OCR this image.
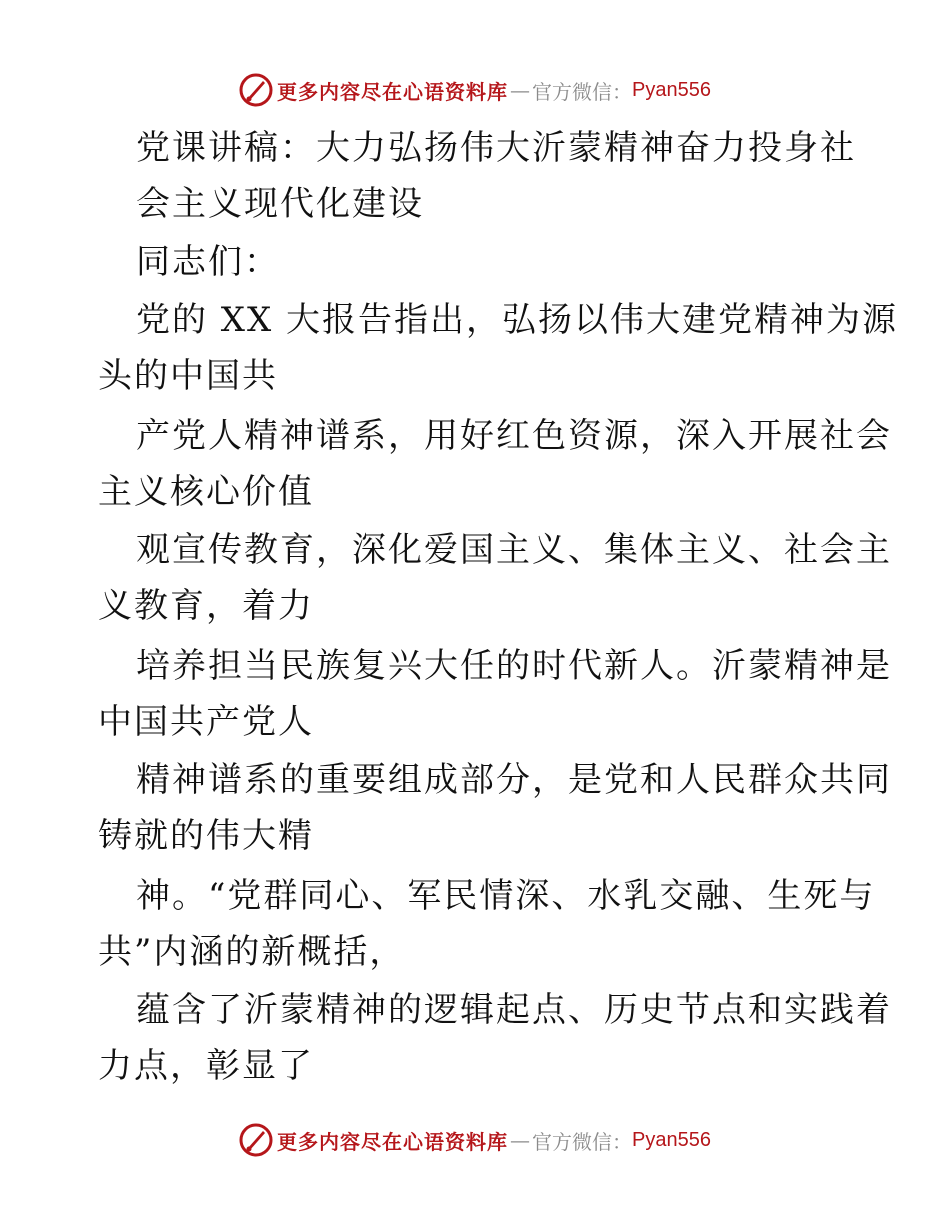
更多内容尽在心语资料库 — 官方微信： Pyan556
党课讲稿：大力弘扬伟大沂蒙精神奋力投身社
会主义现代化建设
同志们：
党的 XX 大报告指出，弘扬以伟大建党精神为源
头的中国共
产党人精神谱系，用好红色资源，深入开展社会
主义核心价值
观宣传教育，深化爱国主义、集体主义、社会主
义教育，着力
培养担当民族复兴大任的时代新人。沂蒙精神是
中国共产党人
精神谱系的重要组成部分，是党和人民群众共同
铸就的伟大精
神。“党群同心、军民情深、水乳交融、生死与
共”内涵的新概括，
蕴含了沂蒙精神的逻辑起点、历史节点和实践着
力点，彰显了
更多内容尽在心语资料库 — 官方微信： Pyan556
